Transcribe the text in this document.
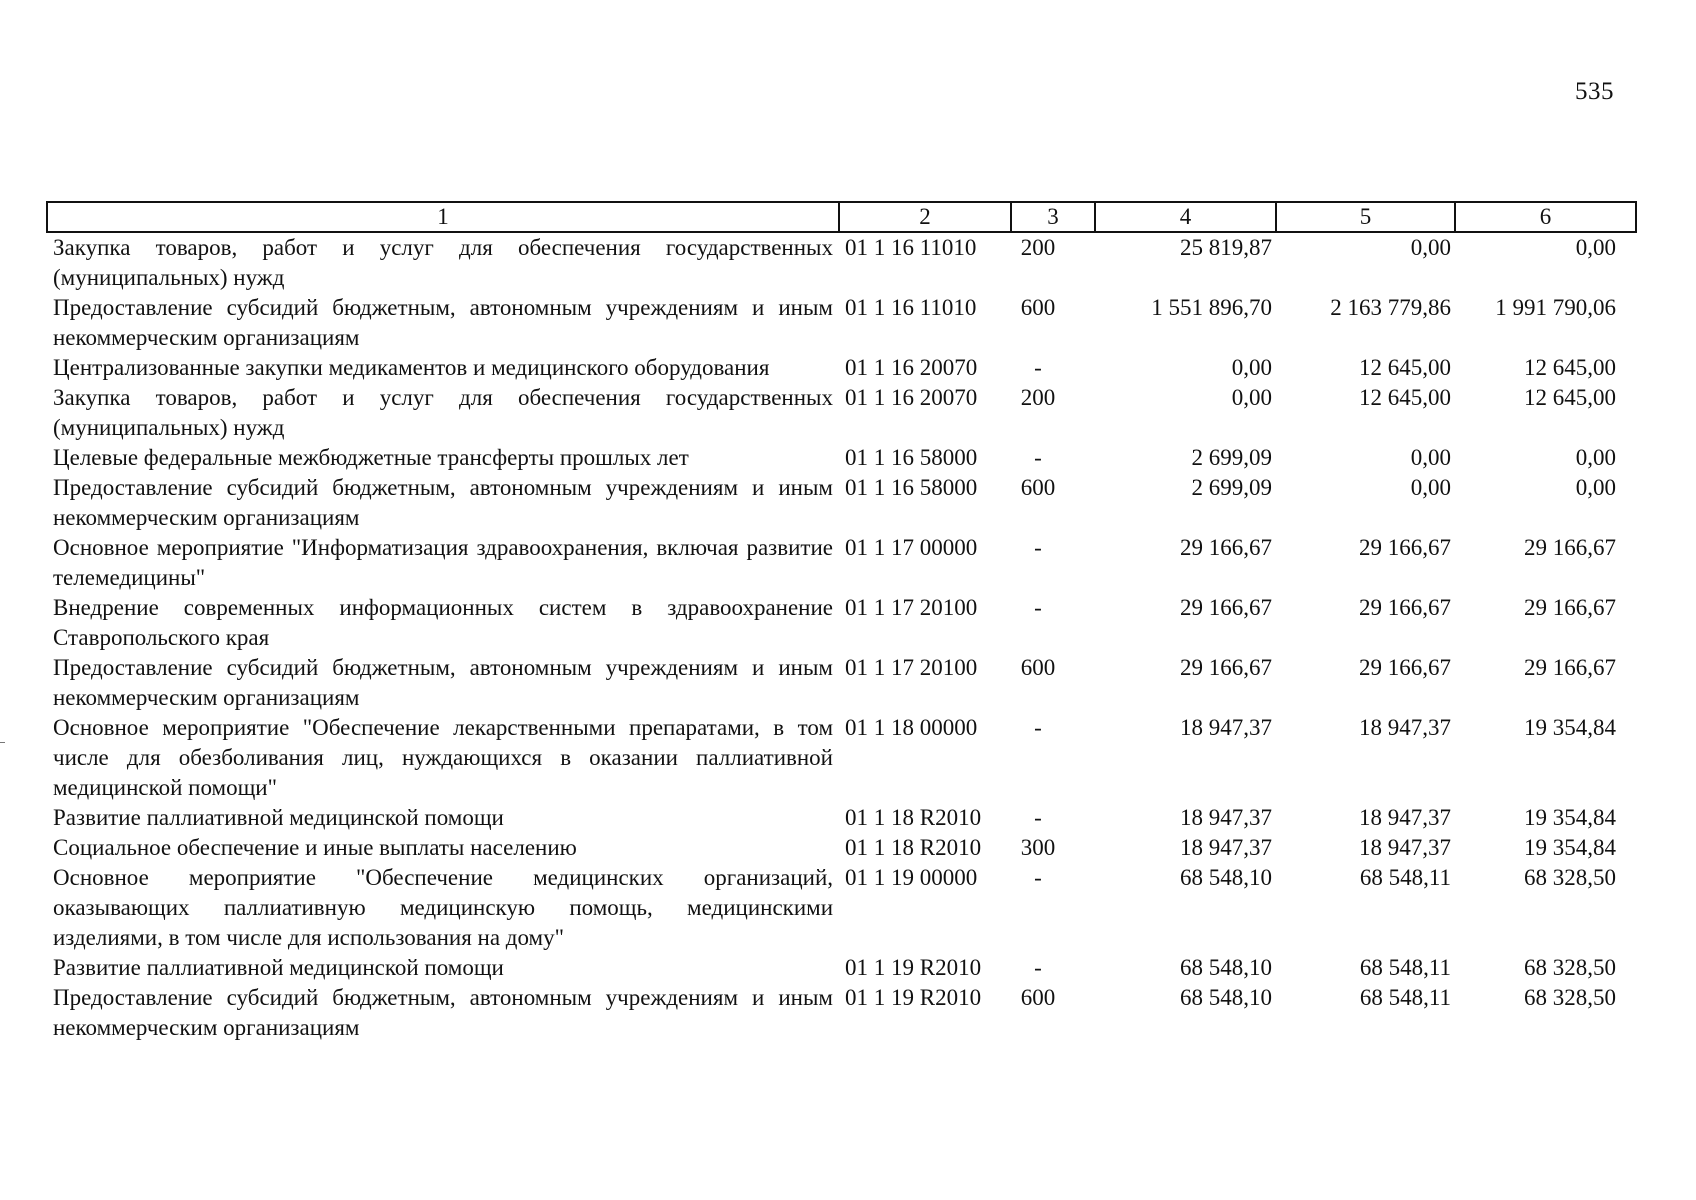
535
1	2	3	4	5	6
Закупка товаров, работ и услуг для обеспечения государственных (муниципальных) нужд	01 1 16 11010	200	25 819,87	0,00	0,00
Предоставление субсидий бюджетным, автономным учреждениям и иным некоммерческим организациям	01 1 16 11010	600	1 551 896,70	2 163 779,86	1 991 790,06
Централизованные закупки медикаментов и медицинского оборудования	01 1 16 20070	-	0,00	12 645,00	12 645,00
Закупка товаров, работ и услуг для обеспечения государственных (муниципальных) нужд	01 1 16 20070	200	0,00	12 645,00	12 645,00
Целевые федеральные межбюджетные трансферты прошлых лет	01 1 16 58000	-	2 699,09	0,00	0,00
Предоставление субсидий бюджетным, автономным учреждениям и иным некоммерческим организациям	01 1 16 58000	600	2 699,09	0,00	0,00
Основное мероприятие "Информатизация здравоохранения, включая развитие телемедицины"	01 1 17 00000	-	29 166,67	29 166,67	29 166,67
Внедрение современных информационных систем в здравоохранение Ставропольского края	01 1 17 20100	-	29 166,67	29 166,67	29 166,67
Предоставление субсидий бюджетным, автономным учреждениям и иным некоммерческим организациям	01 1 17 20100	600	29 166,67	29 166,67	29 166,67
Основное мероприятие "Обеспечение лекарственными препаратами, в том числе для обезболивания лиц, нуждающихся в оказании паллиативной медицинской помощи"	01 1 18 00000	-	18 947,37	18 947,37	19 354,84
Развитие паллиативной медицинской помощи	01 1 18 R2010	-	18 947,37	18 947,37	19 354,84
Социальное обеспечение и иные выплаты населению	01 1 18 R2010	300	18 947,37	18 947,37	19 354,84
Основное мероприятие "Обеспечение медицинских организаций, оказывающих паллиативную медицинскую помощь, медицинскими изделиями, в том числе для использования на дому"	01 1 19 00000	-	68 548,10	68 548,11	68 328,50
Развитие паллиативной медицинской помощи	01 1 19 R2010	-	68 548,10	68 548,11	68 328,50
Предоставление субсидий бюджетным, автономным учреждениям и иным некоммерческим организациям	01 1 19 R2010	600	68 548,10	68 548,11	68 328,50
